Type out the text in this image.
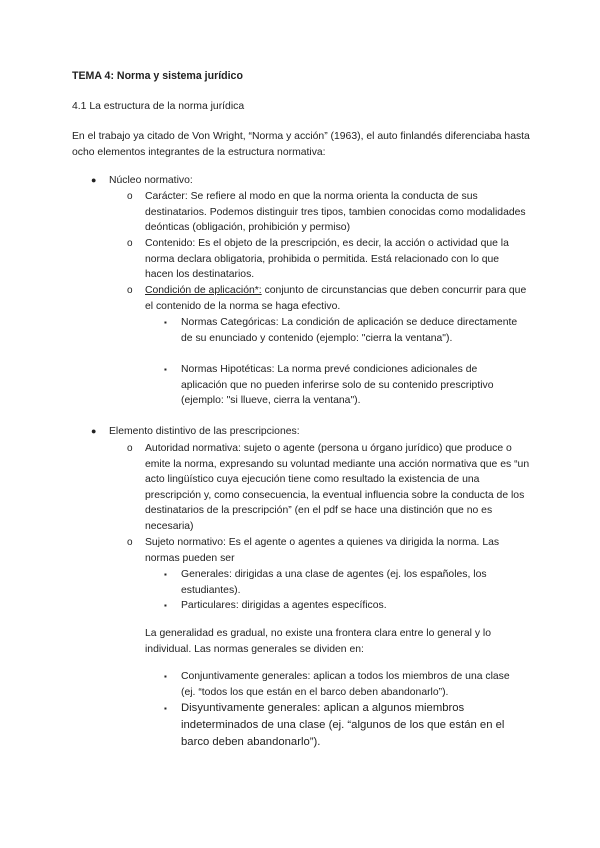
TEMA 4: Norma y sistema jurídico
4.1 La estructura de la norma jurídica
En el trabajo ya citado de Von Wright, “Norma y acción” (1963), el auto finlandés diferenciaba hasta ocho elementos integrantes de la estructura normativa:
● Núcleo normativo:
o Carácter: Se refiere al modo en que la norma orienta la conducta de sus destinatarios. Podemos distinguir tres tipos, tambien conocidas como modalidades deónticas (obligación, prohibición y permiso)
o Contenido: Es el objeto de la prescripción, es decir, la acción o actividad que la norma declara obligatoria, prohibida o permitida. Está relacionado con lo que hacen los destinatarios.
o Condición de aplicación*: conjunto de circunstancias que deben concurrir para que el contenido de la norma se haga efectivo.
▪ Normas Categóricas: La condición de aplicación se deduce directamente de su enunciado y contenido (ejemplo: "cierra la ventana").
▪ Normas Hipotéticas: La norma prevé condiciones adicionales de aplicación que no pueden inferirse solo de su contenido prescriptivo (ejemplo: "si llueve, cierra la ventana").
● Elemento distintivo de las prescripciones:
o Autoridad normativa: sujeto o agente (persona u órgano jurídico) que produce o emite la norma, expresando su voluntad mediante una acción normativa que es “un acto lingüístico cuya ejecución tiene como resultado la existencia de una prescripción y, como consecuencia, la eventual influencia sobre la conducta de los destinatarios de la prescripción” (en el pdf se hace una distinción que no es necesaria)
o Sujeto normativo: Es el agente o agentes a quienes va dirigida la norma. Las normas pueden ser
▪ Generales: dirigidas a una clase de agentes (ej. los españoles, los estudiantes).
▪ Particulares: dirigidas a agentes específicos.
La generalidad es gradual, no existe una frontera clara entre lo general y lo individual. Las normas generales se dividen en:
▪ Conjuntivamente generales: aplican a todos los miembros de una clase (ej. “todos los que están en el barco deben abandonarlo”).
▪ Disyuntivamente generales: aplican a algunos miembros indeterminados de una clase (ej. “algunos de los que están en el barco deben abandonarlo”).
